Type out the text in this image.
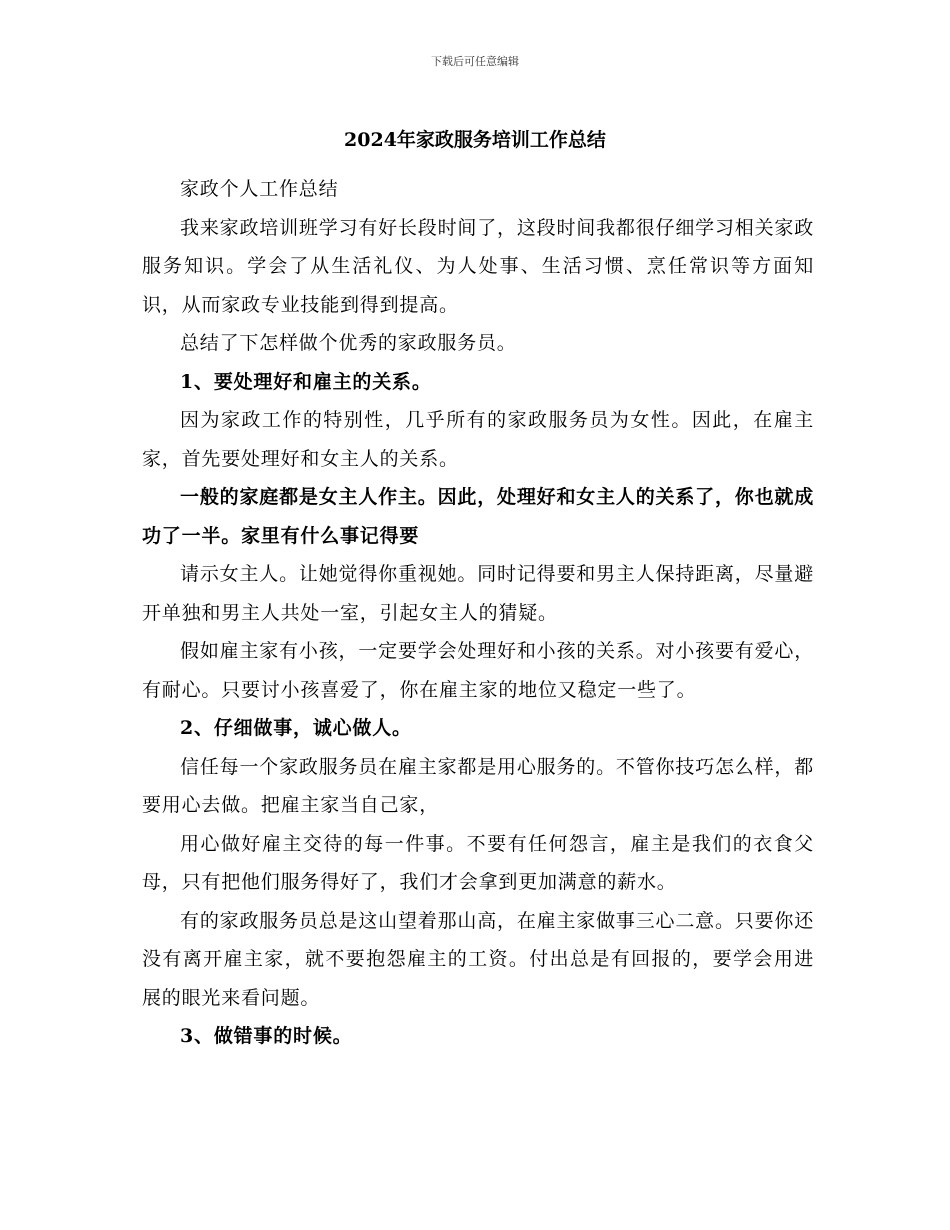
下载后可任意编辑
2024年家政服务培训工作总结

家政个人工作总结

我来家政培训班学习有好长段时间了，这段时间我都很仔细学习相关家政服务知识。学会了从生活礼仪、为人处事、生活习惯、烹任常识等方面知识，从而家政专业技能到得到提高。

总结了下怎样做个优秀的家政服务员。

1、要处理好和雇主的关系。

因为家政工作的特别性，几乎所有的家政服务员为女性。因此，在雇主家，首先要处理好和女主人的关系。

一般的家庭都是女主人作主。因此，处理好和女主人的关系了，你也就成功了一半。家里有什么事记得要

请示女主人。让她觉得你重视她。同时记得要和男主人保持距离，尽量避开单独和男主人共处一室，引起女主人的猜疑。

假如雇主家有小孩，一定要学会处理好和小孩的关系。对小孩要有爱心，有耐心。只要讨小孩喜爱了，你在雇主家的地位又稳定一些了。

2、仔细做事，诚心做人。

信任每一个家政服务员在雇主家都是用心服务的。不管你技巧怎么样，都要用心去做。把雇主家当自己家，

用心做好雇主交待的每一件事。不要有任何怨言，雇主是我们的衣食父母，只有把他们服务得好了，我们才会拿到更加满意的薪水。

有的家政服务员总是这山望着那山高，在雇主家做事三心二意。只要你还没有离开雇主家，就不要抱怨雇主的工资。付出总是有回报的，要学会用进展的眼光来看问题。

3、做错事的时候。
